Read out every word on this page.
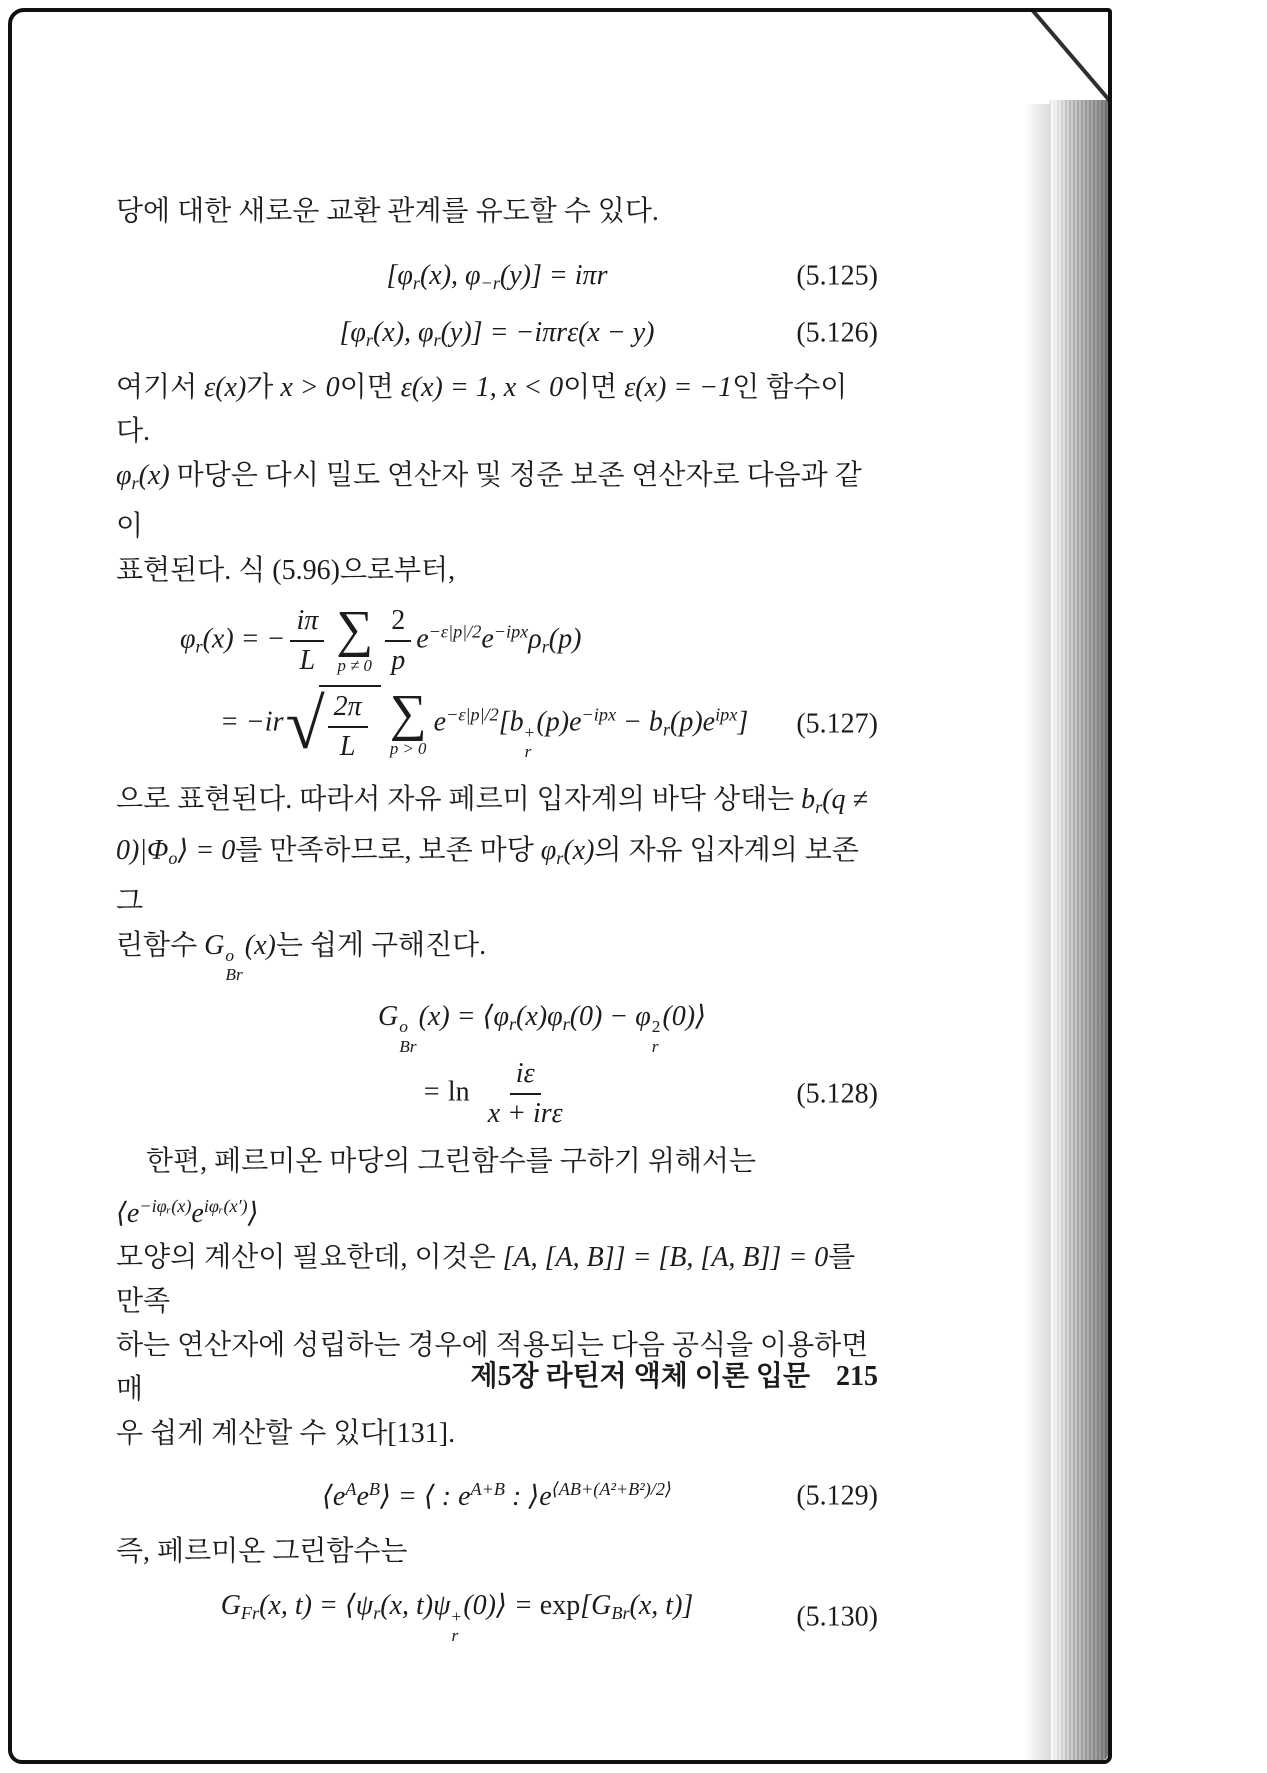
당에 대한 새로운 교환 관계를 유도할 수 있다.
[$\varphi_r(x)$, $\varphi_{-r}(y)] = i\pi r$	(5.125)
[$\varphi_r(x)$, $\varphi_r(y)] = -i\pi r\varepsilon(x - y)$	(5.126)
여기서 ε(x)가 x > 0이면 ε(x) = 1, x < 0이면 ε(x) = −1인 함수이다.
$\varphi_r(x)$ 마당은 다시 밀도 연산자 및 정준 보존 연산자로 다음과 같이
표현된다. 식 (5.96)으로부터,
$\varphi_r(x)$ = − $\frac{i\pi}{L}$ ∑
$p \ne 0 \frac{2}{p} e^{-\varepsilon|p|/2}e^{-ipx}\rho_r(p)$
= −ir √ $\frac{2\pi}{L}$ ∑
p > 0
$e^{-\varepsilon|p|/2}[b$ +
r
$(p)e^{-ipx} - b_r(p)e^{ipx}$] (5.127)
으로 표현된다. 따라서 자유 페르미 입자계의 바닥 상태는 $b_r(q$ ≠
$0)|\Phi_o⟩ = 0$를 만족하므로, 보존 마당 $\varphi_r(x)$의 자유 입자계의 보존 그
린함수 G o
Br
(x)는 쉽게 구해진다.
G o
Br
$(x) = ⟨\varphi_r(x)\varphi_r(0) - \varphi$ 2
r
(0)⟩
= $\ln \frac{i\varepsilon}{\text{x + irε}}$	(5.128)
한편, 페르미온 마당의 그린함수를 구하기 위해서는 $⟨e^{-i\varphi ᵣ(x)}e^{i\varphi ᵣ(x')}⟩$
모양의 계산이 필요한데, 이것은 [A, [A, B]] = [B, [A, B]] = 0를 만족
하는 연산자에 성립하는 경우에 적용되는 다음 공식을 이용하면 매
우 쉽게 계산할 수 있다[131].
$⟨e^Ae^B⟩$ = ⟨ : $e^{A+B}$ : $⟩e^{⟨AB+(A^2+B^2)/2⟩}$	(5.129)
즉, 페르미온 그린함수는
$G_{Fr}(x$, $t) = ⟨\psi_r(x$, t)ψ +
r
(0)⟩ = $\exp[G_{Br}(x$, t)]	(5.130)
제5장 라틴저 액체 이론 입문 215
